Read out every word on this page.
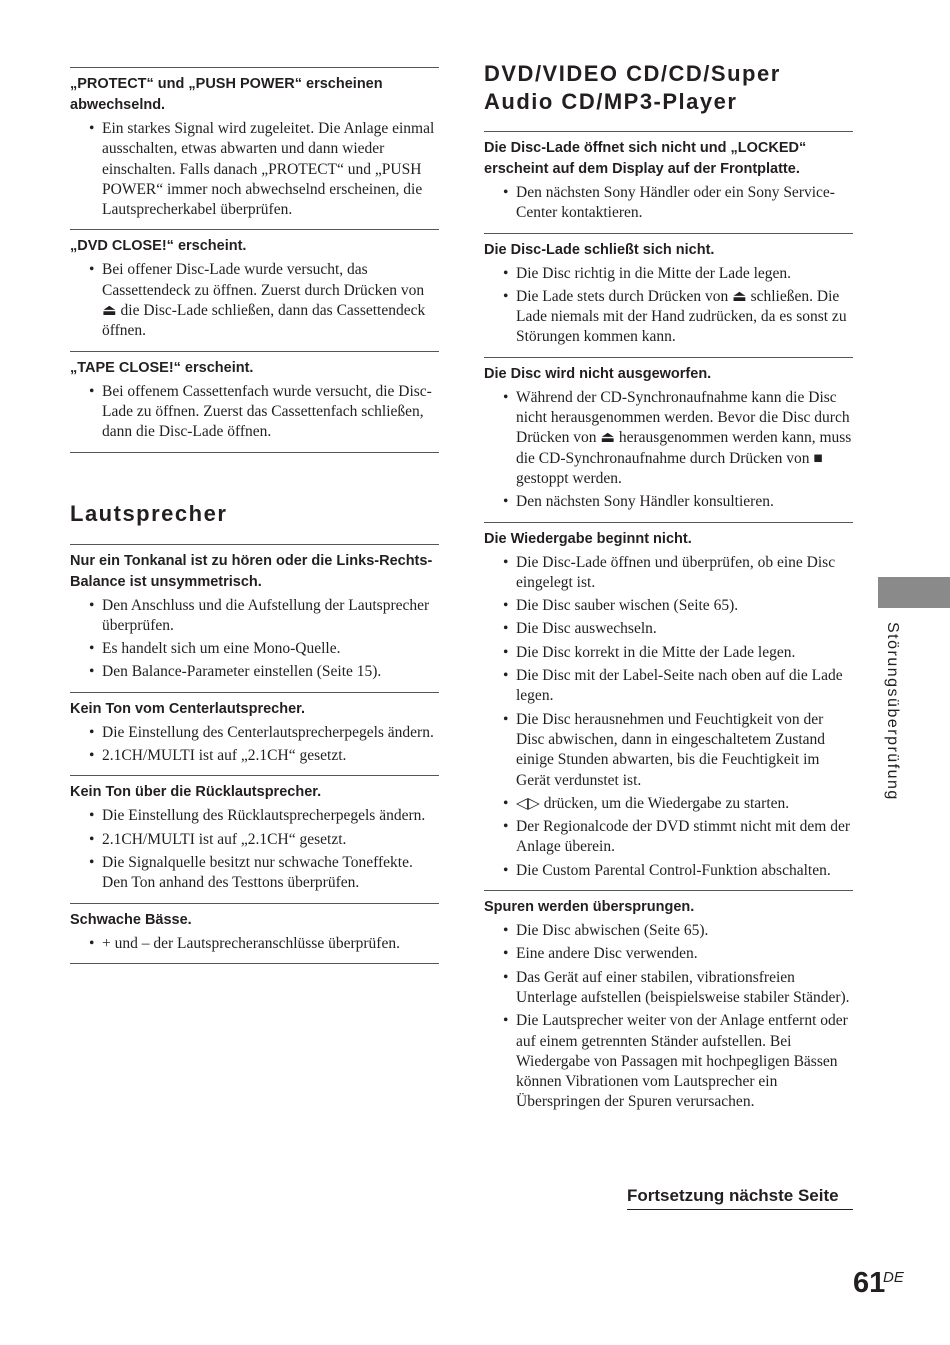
„PROTECT“ und „PUSH POWER“ erscheinen abwechselnd.

• Ein starkes Signal wird zugeleitet. Die Anlage einmal ausschalten, etwas abwarten und dann wieder einschalten. Falls danach „PROTECT“ und „PUSH POWER“ immer noch abwechselnd erscheinen, die Lautsprecherkabel überprüfen.

„DVD CLOSE!“ erscheint.

• Bei offener Disc-Lade wurde versucht, das Cassettendeck zu öffnen. Zuerst durch Drücken von ⏏ die Disc-Lade schließen, dann das Cassettendeck öffnen.

„TAPE CLOSE!“ erscheint.

• Bei offenem Cassettenfach wurde versucht, die Disc-Lade zu öffnen. Zuerst das Cassettenfach schließen, dann die Disc-Lade öffnen.
Lautsprecher

Nur ein Tonkanal ist zu hören oder die Links-Rechts-Balance ist unsymmetrisch.

• Den Anschluss und die Aufstellung der Lautsprecher überprüfen.
• Es handelt sich um eine Mono-Quelle.
• Den Balance-Parameter einstellen (Seite 15).

Kein Ton vom Centerlautsprecher.

• Die Einstellung des Centerlautsprecherpegels ändern.
• 2.1CH/MULTI ist auf „2.1CH“ gesetzt.

Kein Ton über die Rücklautsprecher.

• Die Einstellung des Rücklautsprecherpegels ändern.
• 2.1CH/MULTI ist auf „2.1CH“ gesetzt.
• Die Signalquelle besitzt nur schwache Toneffekte. Den Ton anhand des Testtons überprüfen.

Schwache Bässe.

• + und – der Lautsprecheranschlüsse überprüfen.
DVD/VIDEO CD/CD/Super
Audio CD/MP3-Player

Die Disc-Lade öffnet sich nicht und „LOCKED“ erscheint auf dem Display auf der Frontplatte.

• Den nächsten Sony Händler oder ein Sony Service-Center kontaktieren.

Die Disc-Lade schließt sich nicht.

• Die Disc richtig in die Mitte der Lade legen.
• Die Lade stets durch Drücken von ⏏ schließen. Die Lade niemals mit der Hand zudrücken, da es sonst zu Störungen kommen kann.

Die Disc wird nicht ausgeworfen.

• Während der CD-Synchronaufnahme kann die Disc nicht herausgenommen werden. Bevor die Disc durch Drücken von ⏏ herausgenommen werden kann, muss die CD-Synchronaufnahme durch Drücken von ■ gestoppt werden.
• Den nächsten Sony Händler konsultieren.

Die Wiedergabe beginnt nicht.

• Die Disc-Lade öffnen und überprüfen, ob eine Disc eingelegt ist.
• Die Disc sauber wischen (Seite 65).
• Die Disc auswechseln.
• Die Disc korrekt in die Mitte der Lade legen.
• Die Disc mit der Label-Seite nach oben auf die Lade legen.
• Die Disc herausnehmen und Feuchtigkeit von der Disc abwischen, dann in eingeschaltetem Zustand einige Stunden abwarten, bis die Feuchtigkeit im Gerät verdunstet ist.
• ◁▷ drücken, um die Wiedergabe zu starten.
• Der Regionalcode der DVD stimmt nicht mit dem der Anlage überein.
• Die Custom Parental Control-Funktion abschalten.

Spuren werden übersprungen.

• Die Disc abwischen (Seite 65).
• Eine andere Disc verwenden.
• Das Gerät auf einer stabilen, vibrationsfreien Unterlage aufstellen (beispielsweise stabiler Ständer).
• Die Lautsprecher weiter von der Anlage entfernt oder auf einem getrennten Ständer aufstellen. Bei Wiedergabe von Passagen mit hochpegligen Bässen können Vibrationen vom Lautsprecher ein Überspringen der Spuren verursachen.
Fortsetzung nächste Seite
Störungsüberprüfung
61
DE
